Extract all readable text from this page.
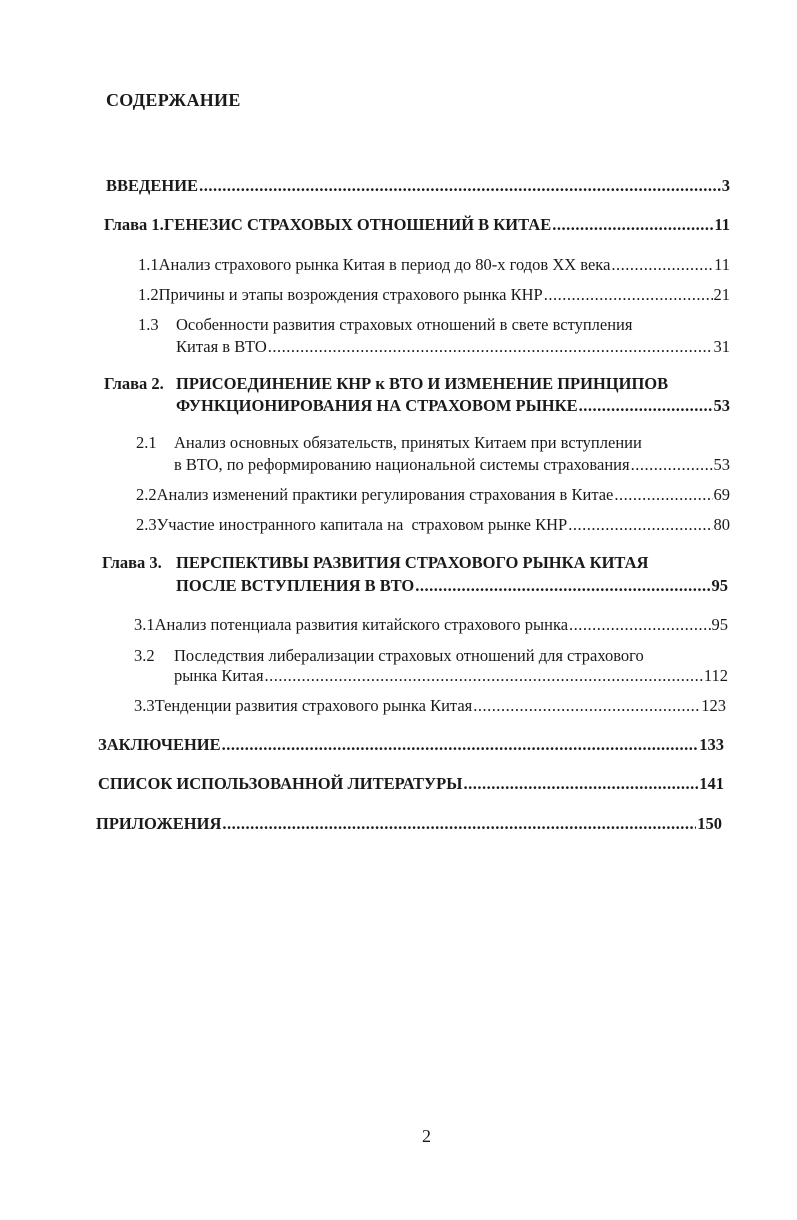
СОДЕРЖАНИЕ
ВВЕДЕНИЕ .....	3
Глава 1. ГЕНЕЗИС СТРАХОВЫХ ОТНОШЕНИЙ В КИТАЕ .....	11
1.1 Анализ страхового рынка Китая в период до 80-х годов XX века .....	11
1.2 Причины и этапы возрождения страхового рынка КНР .....	21
1.3 Особенности развития страховых отношений в свете вступления
Китая в ВТО .....	31
Глава 2. ПРИСОЕДИНЕНИЕ КНР к ВТО И ИЗМЕНЕНИЕ ПРИНЦИПОВ
ФУНКЦИОНИРОВАНИЯ НА СТРАХОВОМ РЫНКЕ .....	53
2.1 Анализ основных обязательств, принятых Китаем при вступлении
в ВТО, по реформированию национальной системы страхования .....	53
2.2 Анализ изменений практики регулирования страхования в Китае .....	69
2.3 Участие иностранного капитала на  страховом рынке КНР .....	80
Глава 3. ПЕРСПЕКТИВЫ РАЗВИТИЯ СТРАХОВОГО РЫНКА КИТАЯ
ПОСЛЕ ВСТУПЛЕНИЯ В ВТО .....	95
3.1 Анализ потенциала развития китайского страхового рынка .....	95
3.2 Последствия либерализации страховых отношений для страхового
рынка Китая .....	112
3.3 Тенденции развития страхового рынка Китая .....	123
ЗАКЛЮЧЕНИЕ .....	133
СПИСОК ИСПОЛЬЗОВАННОЙ ЛИТЕРАТУРЫ .....	141
ПРИЛОЖЕНИЯ .....	150
2
